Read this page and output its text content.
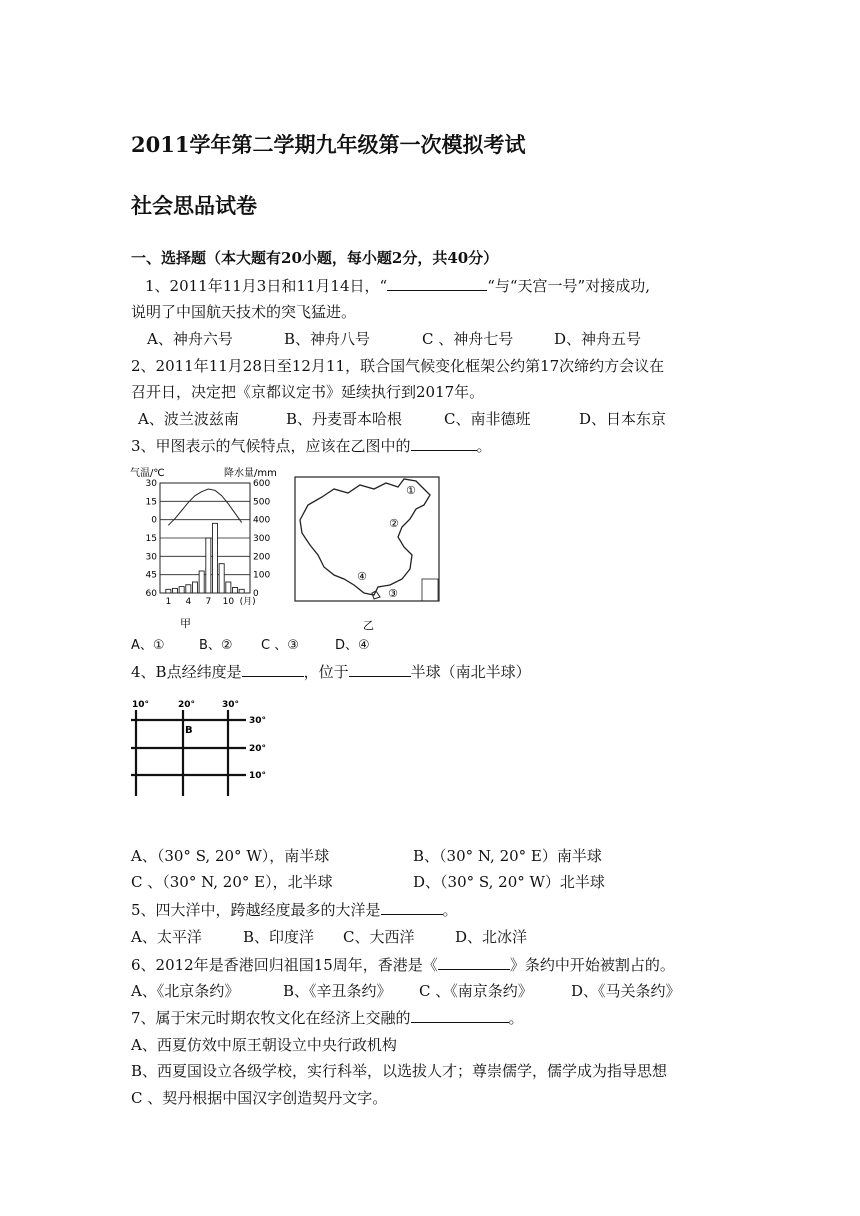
2011学年第二学期九年级第一次模拟考试
社会思品试卷
一、选择题（本大题有20小题，每小题2分，共40分）
1、2011年11月3日和11月14日，“	“与“天宫一号”对接成功,
说明了中国航天技术的突飞猛进。
A、神舟六号	B、神舟八号	C 、神舟七号	D、神舟五号
2、2011年11月28日至12月11，联合国气候变化框架公约第17次缔约方会议在
召开日，决定把《京都议定书》延续执行到2017年。
A、波兰波兹南	B、丹麦哥本哈根	C、南非德班	D、日本东京
3、甲图表示的气候特点，应该在乙图中的	。
气温/℃	降水量/mm
30
15
0
15
30
45
60
600
500
400
300
200
100
0
1 4 7 10 (月)
甲
①
②
③
④
乙
A、①	B、② C 、③	D、④
4、B点经纬度是	，位于	半球（南北半球）
10°	20°	30°
30°
20°
10°
B
A、（30° S, 20° W），南半球	B、（30° N, 20° E）南半球
C 、（30° N, 20° E），北半球	D、（30° S, 20° W）北半球
5、四大洋中，跨越经度最多的大洋是	。
A、太平洋	B、印度洋 C、大西洋	D、北冰洋
6、2012年是香港回归祖国15周年，香港是《	》条约中开始被割占的。
A、《北京条约》	B、《辛丑条约》 C 、《南京条约》	D、《马关条约》
7、属于宋元时期农牧文化在经济上交融的	。
A、西夏仿效中原王朝设立中央行政机构
B、西夏国设立各级学校，实行科举，以选拔人才；尊崇儒学，儒学成为指导思想
C 、契丹根据中国汉字创造契丹文字。
